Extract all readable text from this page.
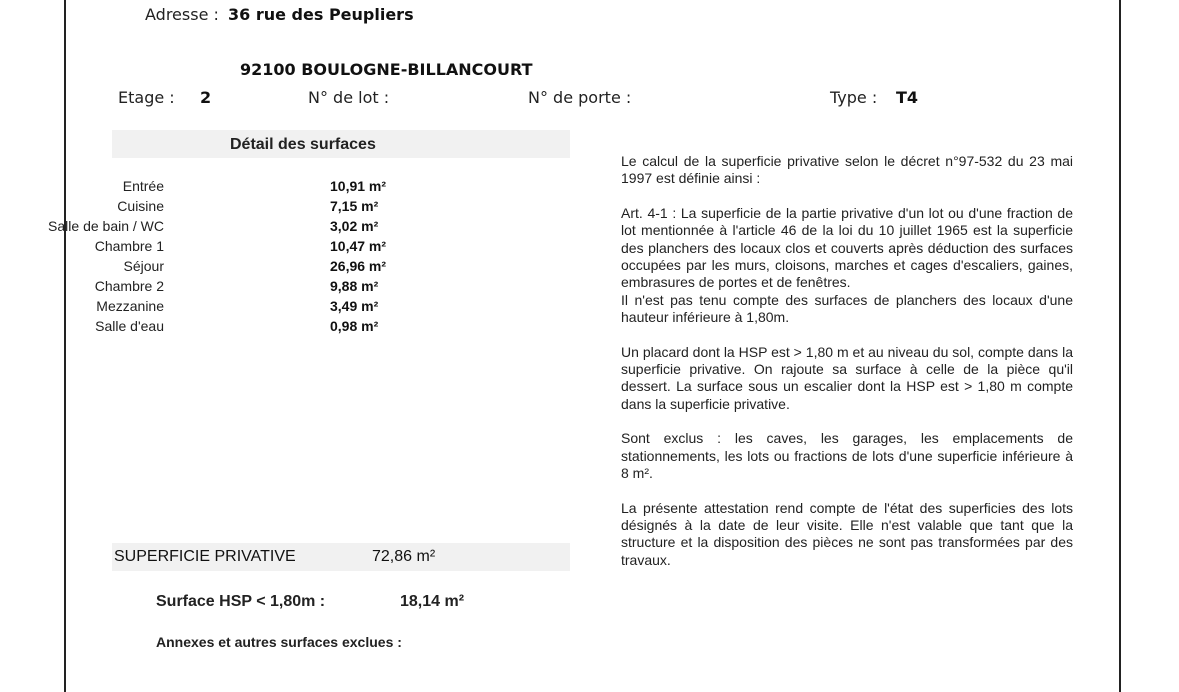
Adresse : 36 rue des Peupliers
92100 BOULOGNE-BILLANCOURT
Etage : 2	N° de lot :	N° de porte :	Type : T4
Détail des surfaces
Entrée	10,91 m²
Cuisine	7,15 m²
Salle de bain / WC	3,02 m²
Chambre 1	10,47 m²
Séjour	26,96 m²
Chambre 2	9,88 m²
Mezzanine	3,49 m²
Salle d'eau	0,98 m²
SUPERFICIE PRIVATIVE	72,86 m²
Surface HSP < 1,80m :	18,14 m²
Annexes et autres surfaces exclues :

Le calcul de la superficie privative selon le décret n°97-532 du 23 mai 1997 est définie ainsi :

Art. 4-1 : La superficie de la partie privative d'un lot ou d'une fraction de lot mentionnée à l'article 46 de la loi du 10 juillet 1965 est la superficie des planchers des locaux clos et couverts après déduction des surfaces occupées par les murs, cloisons, marches et cages d'escaliers, gaines, embrasures de portes et de fenêtres.

Il n'est pas tenu compte des surfaces de planchers des locaux d'une hauteur inférieure à 1,80m.

Un placard dont la HSP est > 1,80 m et au niveau du sol, compte dans la superficie privative. On rajoute sa surface à celle de la pièce qu'il dessert. La surface sous un escalier dont la HSP est > 1,80 m compte dans la superficie privative.

Sont exclus : les caves, les garages, les emplacements de stationnements, les lots ou fractions de lots d'une superficie inférieure à 8 m².

La présente attestation rend compte de l'état des superficies des lots désignés à la date de leur visite. Elle n'est valable que tant que la structure et la disposition des pièces ne sont pas transformées par des travaux.
